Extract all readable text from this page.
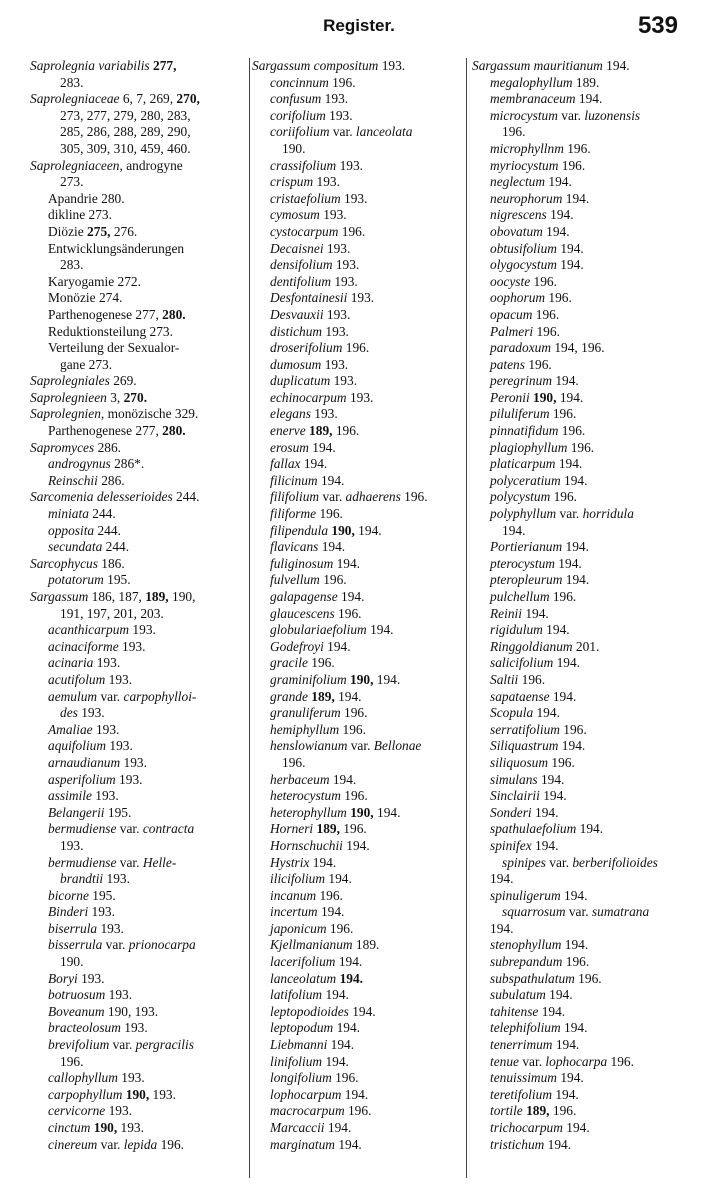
Register.	539
Saprolegnia variabilis 277,
283.
Saprolegniaceae 6, 7, 269, 270,
273, 277, 279, 280, 283,
285, 286, 288, 289, 290,
305, 309, 310, 459, 460.
Saprolegniaceen, androgyne
273.
Apandrie 280.
dikline 273.
Diözie 275, 276.
Entwicklungsänderungen
283.
Karyogamie 272.
Monözie 274.
Parthenogenese 277, 280.
Reduktionsteilung 273.
Verteilung der Sexualor-
gane 273.
Saprolegniales 269.
Saprolegnieen 3, 270.
Saprolegnien, monözische 329.
Parthenogenese 277, 280.
Sapromyces 286.
androgynus 286*.
Reinschii 286.
Sarcomenia delesserioides 244.
miniata 244.
opposita 244.
secundata 244.
Sarcophycus 186.
potatorum 195.
Sargassum 186, 187, 189, 190,
191, 197, 201, 203.
acanthicarpum 193.
acinaciforme 193.
acinaria 193.
acutifolum 193.
aemulum var. carpophylloi-
des 193.
Amaliae 193.
aquifolium 193.
arnaudianum 193.
asperifolium 193.
assimile 193.
Belangerii 195.
bermudiense var. contracta
193.
bermudiense var. Helle-
brandtii 193.
bicorne 195.
Binderi 193.
biserrula 193.
bisserrula var. prionocarpa
190.
Boryi 193.
botruosum 193.
Boveanum 190, 193.
bracteolosum 193.
brevifolium var. pergracilis
196.
callophyllum 193.
carpophyllum 190, 193.
cervicorne 193.
cinctum 190, 193.
cinereum var. lepida 196.
Sargassum compositum 193.
concinnum 196.
confusum 193.
corifolium 193.
coriifolium var. lanceolata
190.
crassifolium 193.
crispum 193.
cristaefolium 193.
cymosum 193.
cystocarpum 196.
Decaisnei 193.
densifolium 193.
dentifolium 193.
Desfontainesii 193.
Desvauxii 193.
distichum 193.
droserifolium 196.
dumosum 193.
duplicatum 193.
echinocarpum 193.
elegans 193.
enerve 189, 196.
erosum 194.
fallax 194.
filicinum 194.
filifolium var. adhaerens 196.
filiforme 196.
filipendula 190, 194.
flavicans 194.
fuliginosum 194.
fulvellum 196.
galapagense 194.
glaucescens 196.
globulariaefolium 194.
Godefroyi 194.
gracile 196.
graminifolium 190, 194.
grande 189, 194.
granuliferum 196.
hemiphyllum 196.
henslowianum var. Bellonae
196.
herbaceum 194.
heterocystum 196.
heterophyllum 190, 194.
Horneri 189, 196.
Hornschuchii 194.
Hystrix 194.
ilicifolium 194.
incanum 196.
incertum 194.
japonicum 196.
Kjellmanianum 189.
lacerifolium 194.
lanceolatum 194.
latifolium 194.
leptopodioides 194.
leptopodum 194.
Liebmanni 194.
linifolium 194.
longifolium 196.
lophocarpum 194.
macrocarpum 196.
Marcaccii 194.
marginatum 194.
Sargassum mauritianum 194.
megalophyllum 189.
membranaceum 194.
microcystum var. luzonensis
196.
microphyllnm 196.
myriocystum 196.
neglectum 194.
neurophorum 194.
nigrescens 194.
obovatum 194.
obtusifolium 194.
olygocystum 194.
oocyste 196.
oophorum 196.
opacum 196.
Palmeri 196.
paradoxum 194, 196.
patens 196.
peregrinum 194.
Peronii 190, 194.
piluliferum 196.
pinnatifidum 196.
plagiophyllum 196.
platicarpum 194.
polyceratium 194.
polycystum 196.
polyphyllum var. horridula
194.
Portierianum 194.
pterocystum 194.
pteropleurum 194.
pulchellum 196.
Reinii 194.
rigidulum 194.
Ringgoldianum 201.
salicifolium 194.
Saltii 196.
sapataense 194.
Scopula 194.
serratifolium 196.
Siliquastrum 194.
siliquosum 196.
simulans 194.
Sinclairii 194.
Sonderi 194.
spathulaefolium 194.
spinifex 194.
spinipes var. berberifolioides
194.
spinuligerum 194.
squarrosum var. sumatrana
194.
stenophyllum 194.
subrepandum 196.
subspathulatum 196.
subulatum 194.
tahitense 194.
telephifolium 194.
tenerrimum 194.
tenue var. lophocarpa 196.
tenuissimum 194.
teretifolium 194.
tortile 189, 196.
trichocarpum 194.
tristichum 194.
